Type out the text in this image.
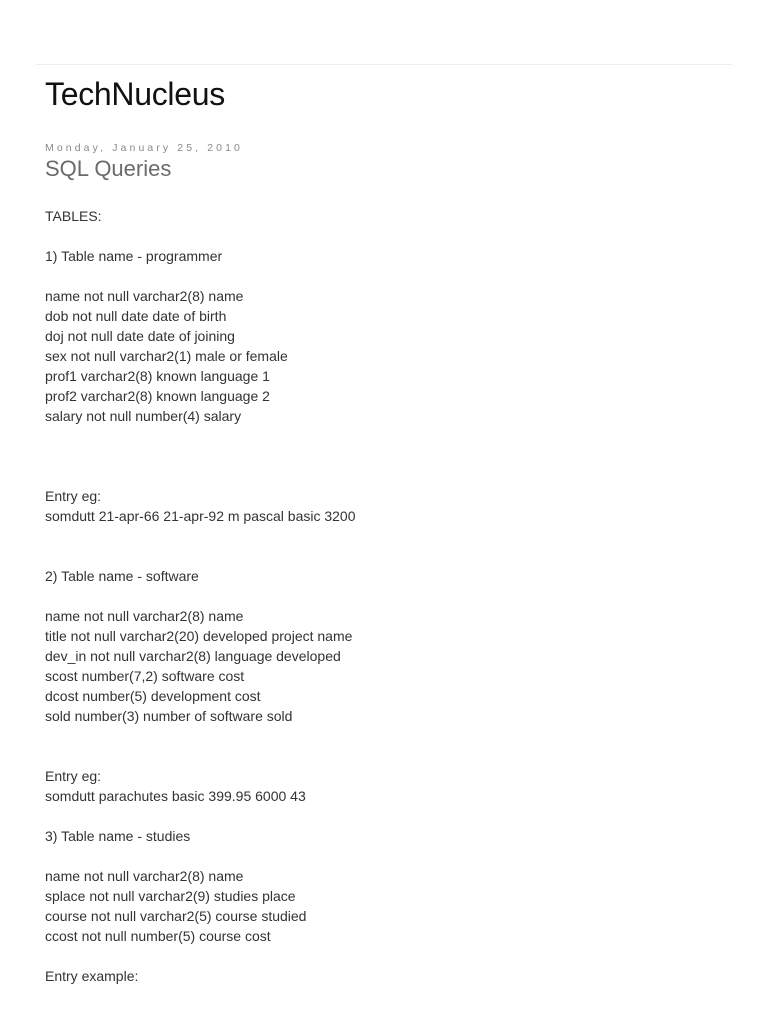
TechNucleus
Monday, January 25, 2010
SQL Queries
TABLES:
1) Table name - programmer
name not null varchar2(8) name
dob not null date date of birth
doj not null date date of joining
sex not null varchar2(1) male or female
prof1 varchar2(8) known language 1
prof2 varchar2(8) known language 2
salary not null number(4) salary
Entry eg:
somdutt 21-apr-66 21-apr-92 m pascal basic 3200
2) Table name - software
name not null varchar2(8) name
title not null varchar2(20) developed project name
dev_in not null varchar2(8) language developed
scost number(7,2) software cost
dcost number(5) development cost
sold number(3) number of software sold
Entry eg:
somdutt parachutes basic 399.95 6000 43
3) Table name - studies
name not null varchar2(8) name
splace not null varchar2(9) studies place
course not null varchar2(5) course studied
ccost not null number(5) course cost
Entry example:
